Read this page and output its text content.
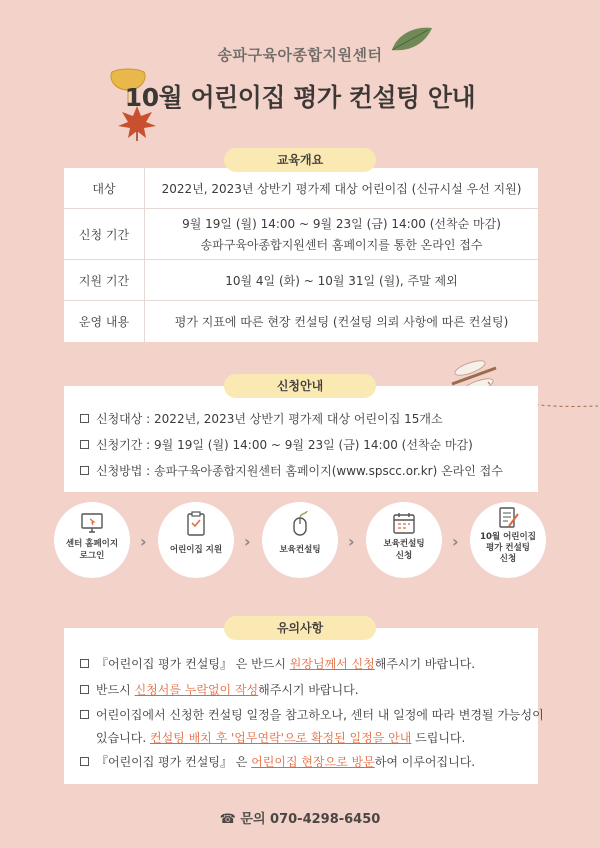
송파구육아종합지원센터
10월 어린이집 평가 컨설팅 안내
교육개요
대상	2022년, 2023년 상반기 평가제 대상 어린이집 (신규시설 우선 지원)
신청 기간	9월 19일 (월) 14:00 ~ 9월 23일 (금) 14:00 (선착순 마감)
송파구육아종합지원센터 홈페이지를 통한 온라인 접수

지원 기간	10월 4일 (화) ~ 10월 31일 (월), 주말 제외
운영 내용	평가 지표에 따른 현장 컨설팅 (컨설팅 의뢰 사항에 따른 컨설팅)
신청안내
신청대상 : 2022년, 2023년 상반기 평가제 대상 어린이집 15개소
신청기간 : 9월 19일 (월) 14:00 ~ 9월 23일 (금) 14:00 (선착순 마감)
신청방법 : 송파구육아종합지원센터 홈페이지(www.spscc.or.kr) 온라인 접수
센터 홈페이지
로그인
›	어린이집 지원	›	보육컨설팅	›	보육컨설팅
신청
›	10월 어린이집
평가 컨설팅
신청
유의사항
『어린이집 평가 컨설팅』 은 반드시 원장님께서 신청해주시기 바랍니다.
반드시 신청서를 누락없이 작성해주시기 바랍니다.
어린이집에서 신청한 컨설팅 일정을 참고하오나, 센터 내 일정에 따라 변경될 가능성이
있습니다. 컨설팅 배치 후 '업무연락'으로 확정된 일정을 안내 드립니다.
『어린이집 평가 컨설팅』 은 어린이집 현장으로 방문하여 이루어집니다.
☎ 문의 070-4298-6450
